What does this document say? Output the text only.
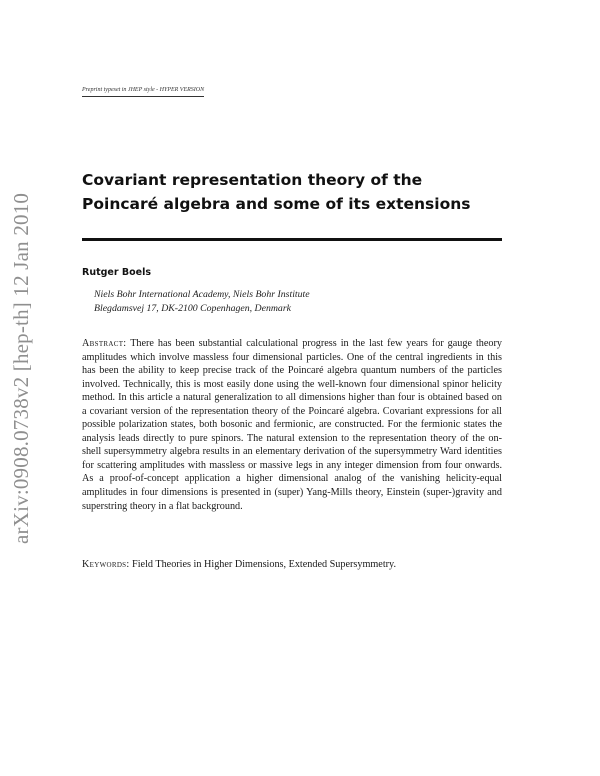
Preprint typeset in JHEP style - HYPER VERSION
arXiv:0908.0738v2 [hep-th] 12 Jan 2010
Covariant representation theory of the Poincaré algebra and some of its extensions
Rutger Boels
Niels Bohr International Academy, Niels Bohr Institute
Blegdamsvej 17, DK-2100 Copenhagen, Denmark

Abstract: There has been substantial calculational progress in the last few years for gauge theory amplitudes which involve massless four dimensional particles. One of the central ingredients in this has been the ability to keep precise track of the Poincaré algebra quantum numbers of the particles involved. Technically, this is most easily done using the well-known four dimensional spinor helicity method. In this article a natural generalization to all dimensions higher than four is obtained based on a covariant version of the representation theory of the Poincaré algebra. Covariant expressions for all possible polarization states, both bosonic and fermionic, are constructed. For the fermionic states the analysis leads directly to pure spinors. The natural extension to the representation theory of the on-shell supersymmetry algebra results in an elementary derivation of the supersymmetry Ward identities for scattering amplitudes with massless or massive legs in any integer dimension from four onwards. As a proof-of-concept application a higher dimensional analog of the vanishing helicity-equal amplitudes in four dimensions is presented in (super) Yang-Mills theory, Einstein (super-)gravity and superstring theory in a flat background.

Keywords: Field Theories in Higher Dimensions, Extended Supersymmetry.
